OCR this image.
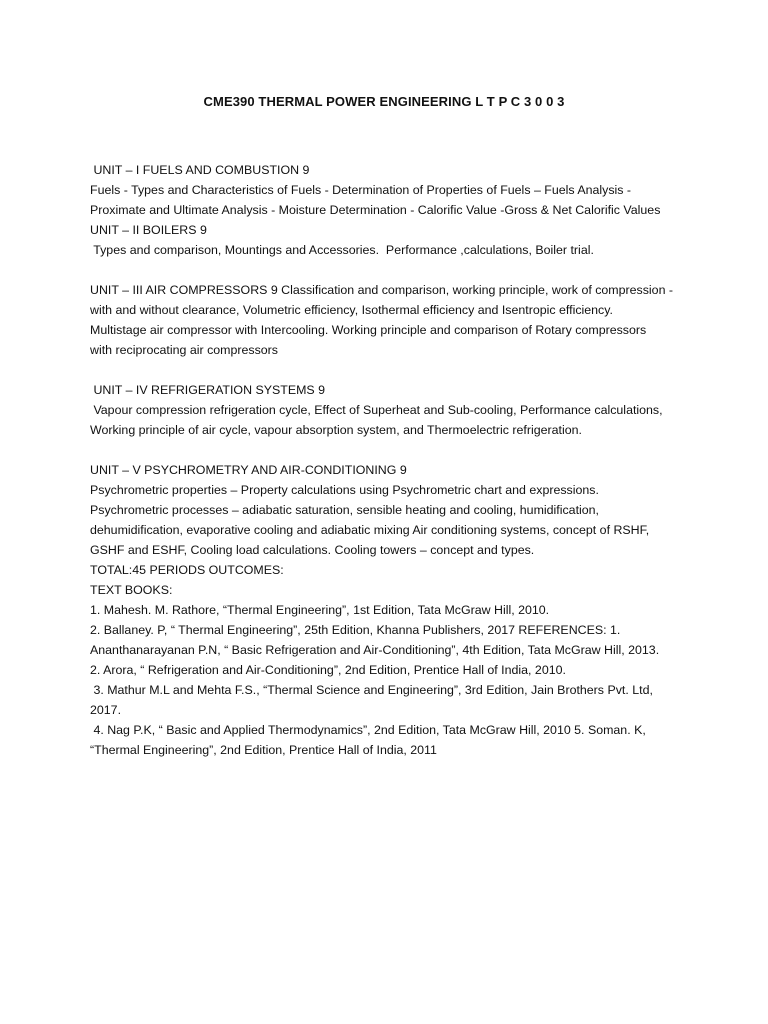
CME390 THERMAL POWER ENGINEERING L T P C 3 0 0 3
UNIT – I FUELS AND COMBUSTION 9
Fuels - Types and Characteristics of Fuels - Determination of Properties of Fuels – Fuels Analysis -
Proximate and Ultimate Analysis - Moisture Determination - Calorific Value -Gross & Net Calorific Values
UNIT – II BOILERS 9
Types and comparison, Mountings and Accessories.  Performance ,calculations, Boiler trial.
UNIT – III AIR COMPRESSORS 9 Classification and comparison, working principle, work of compression -
with and without clearance, Volumetric efficiency, Isothermal efficiency and Isentropic efficiency.
Multistage air compressor with Intercooling. Working principle and comparison of Rotary compressors
with reciprocating air compressors
UNIT – IV REFRIGERATION SYSTEMS 9
Vapour compression refrigeration cycle, Effect of Superheat and Sub-cooling, Performance calculations,
Working principle of air cycle, vapour absorption system, and Thermoelectric refrigeration.
UNIT – V PSYCHROMETRY AND AIR-CONDITIONING 9
Psychrometric properties – Property calculations using Psychrometric chart and expressions.
Psychrometric processes – adiabatic saturation, sensible heating and cooling, humidification,
dehumidification, evaporative cooling and adiabatic mixing Air conditioning systems, concept of RSHF,
GSHF and ESHF, Cooling load calculations. Cooling towers – concept and types.
TOTAL:45 PERIODS OUTCOMES:
TEXT BOOKS:
1. Mahesh. M. Rathore, “Thermal Engineering”, 1st Edition, Tata McGraw Hill, 2010.
2. Ballaney. P, “ Thermal Engineering”, 25th Edition, Khanna Publishers, 2017 REFERENCES: 1.
Ananthanarayanan P.N, “ Basic Refrigeration and Air-Conditioning”, 4th Edition, Tata McGraw Hill, 2013.
2. Arora, “ Refrigeration and Air-Conditioning”, 2nd Edition, Prentice Hall of India, 2010.
3. Mathur M.L and Mehta F.S., “Thermal Science and Engineering”, 3rd Edition, Jain Brothers Pvt. Ltd,
2017.
4. Nag P.K, “ Basic and Applied Thermodynamics”, 2nd Edition, Tata McGraw Hill, 2010 5. Soman. K,
“Thermal Engineering”, 2nd Edition, Prentice Hall of India, 2011
